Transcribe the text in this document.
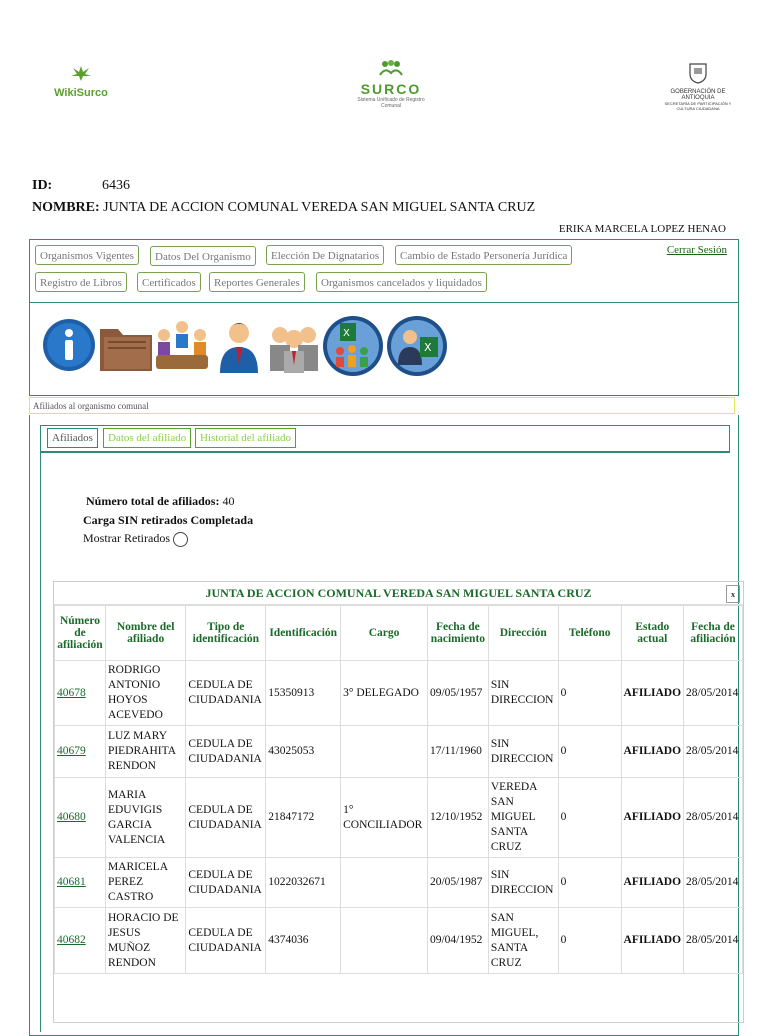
WikiSurco	SURCO
Sistema Unificado de Registro Comunal
GOBERNACIÓN DE ANTIOQUIA
SECRETARÍA DE PARTICIPACIÓN Y CULTURA CIUDADANA
ID:	6436
NOMBRE: JUNTA DE ACCION COMUNAL VEREDA SAN MIGUEL SANTA CRUZ
ERIKA MARCELA LOPEZ HENAO
Organismos Vigentes	Datos Del Organismo	Elección De Dignatarios	Cambio de Estado Personería Jurídica	Cerrar Sesión
Registro de Libros	Certificados	Reportes Generales	Organismos cancelados y liquidados
X
X
Afiliados al organismo comunal
Afiliados	Datos del afiliado	Historial del afiliado
Número total de afiliados: 40
Carga SIN retirados Completada
Mostrar Retirados
JUNTA DE ACCION COMUNAL VEREDA SAN MIGUEL SANTA CRUZ	x
Número de afiliación	Nombre del afiliado	Tipo de identificación	Identificación	Cargo	Fecha de nacimiento	Dirección	Teléfono	Estado actual	Fecha de afiliación
40678	RODRIGO ANTONIO HOYOS ACEVEDO	CEDULA DE CIUDADANIA	15350913	3° DELEGADO	09/05/1957	SIN DIRECCION	0	AFILIADO	28/05/2014
40679	LUZ MARY PIEDRAHITA RENDON	CEDULA DE CIUDADANIA	43025053		17/11/1960	SIN DIRECCION	0	AFILIADO	28/05/2014
40680	MARIA EDUVIGIS GARCIA VALENCIA	CEDULA DE CIUDADANIA	21847172	1° CONCILIADOR	12/10/1952	VEREDA SAN MIGUEL SANTA CRUZ	0	AFILIADO	28/05/2014
40681	MARICELA PEREZ CASTRO	CEDULA DE CIUDADANIA	1022032671		20/05/1987	SIN DIRECCION	0	AFILIADO	28/05/2014
40682	HORACIO DE JESUS MUÑOZ RENDON	CEDULA DE CIUDADANIA	4374036		09/04/1952	SAN MIGUEL, SANTA CRUZ	0	AFILIADO	28/05/2014
